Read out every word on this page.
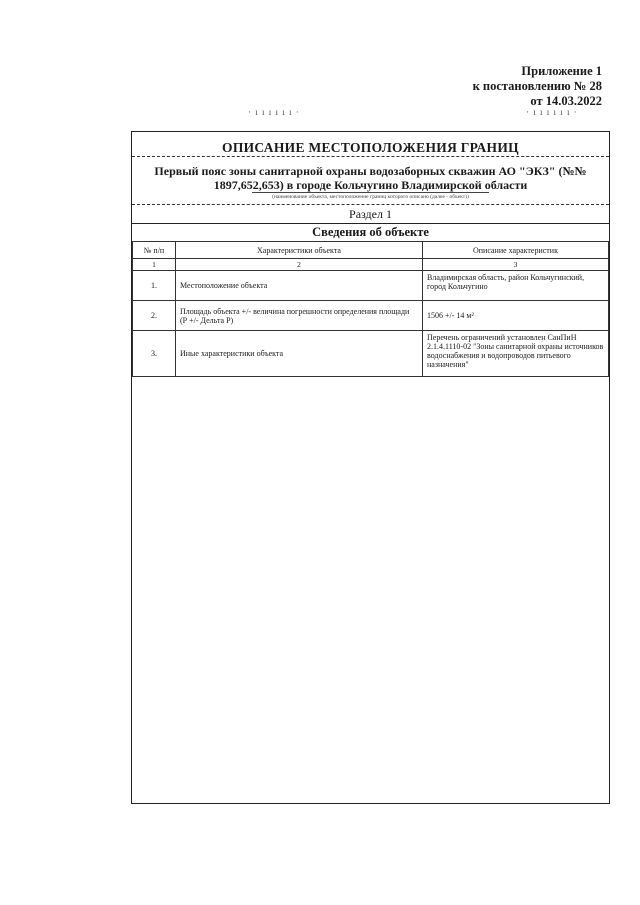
Приложение 1
к постановлению № 28
от 14.03.2022
· ı ı ı ı ı ı ·	· ı ı ı ı ı ı ·
ОПИСАНИЕ МЕСТОПОЛОЖЕНИЯ ГРАНИЦ
Первый пояс зоны санитарной охраны водозаборных скважин АО "ЭКЗ" (№№ 1897,652,653) в городе Кольчугино Владимирской области
(наименование объекта, местоположение границ которого описано (далее - объект))
Раздел 1
Сведения об объекте
№ п/п	Характеристики объекта	Описание характеристик
1	2	3
1.	Местоположение объекта	Владимирская область, район Кольчугинский, город Кольчугино
2.	Площадь объекта +/- величина погрешности определения площади (Р +/- Дельта Р)	1506 +/- 14 м²
3.	Иные характеристики объекта	Перечень ограничений установлен СанПиН 2.1.4.1110-02 "Зоны санитарной охраны источников водоснабжения и водопроводов питьевого назначения"
